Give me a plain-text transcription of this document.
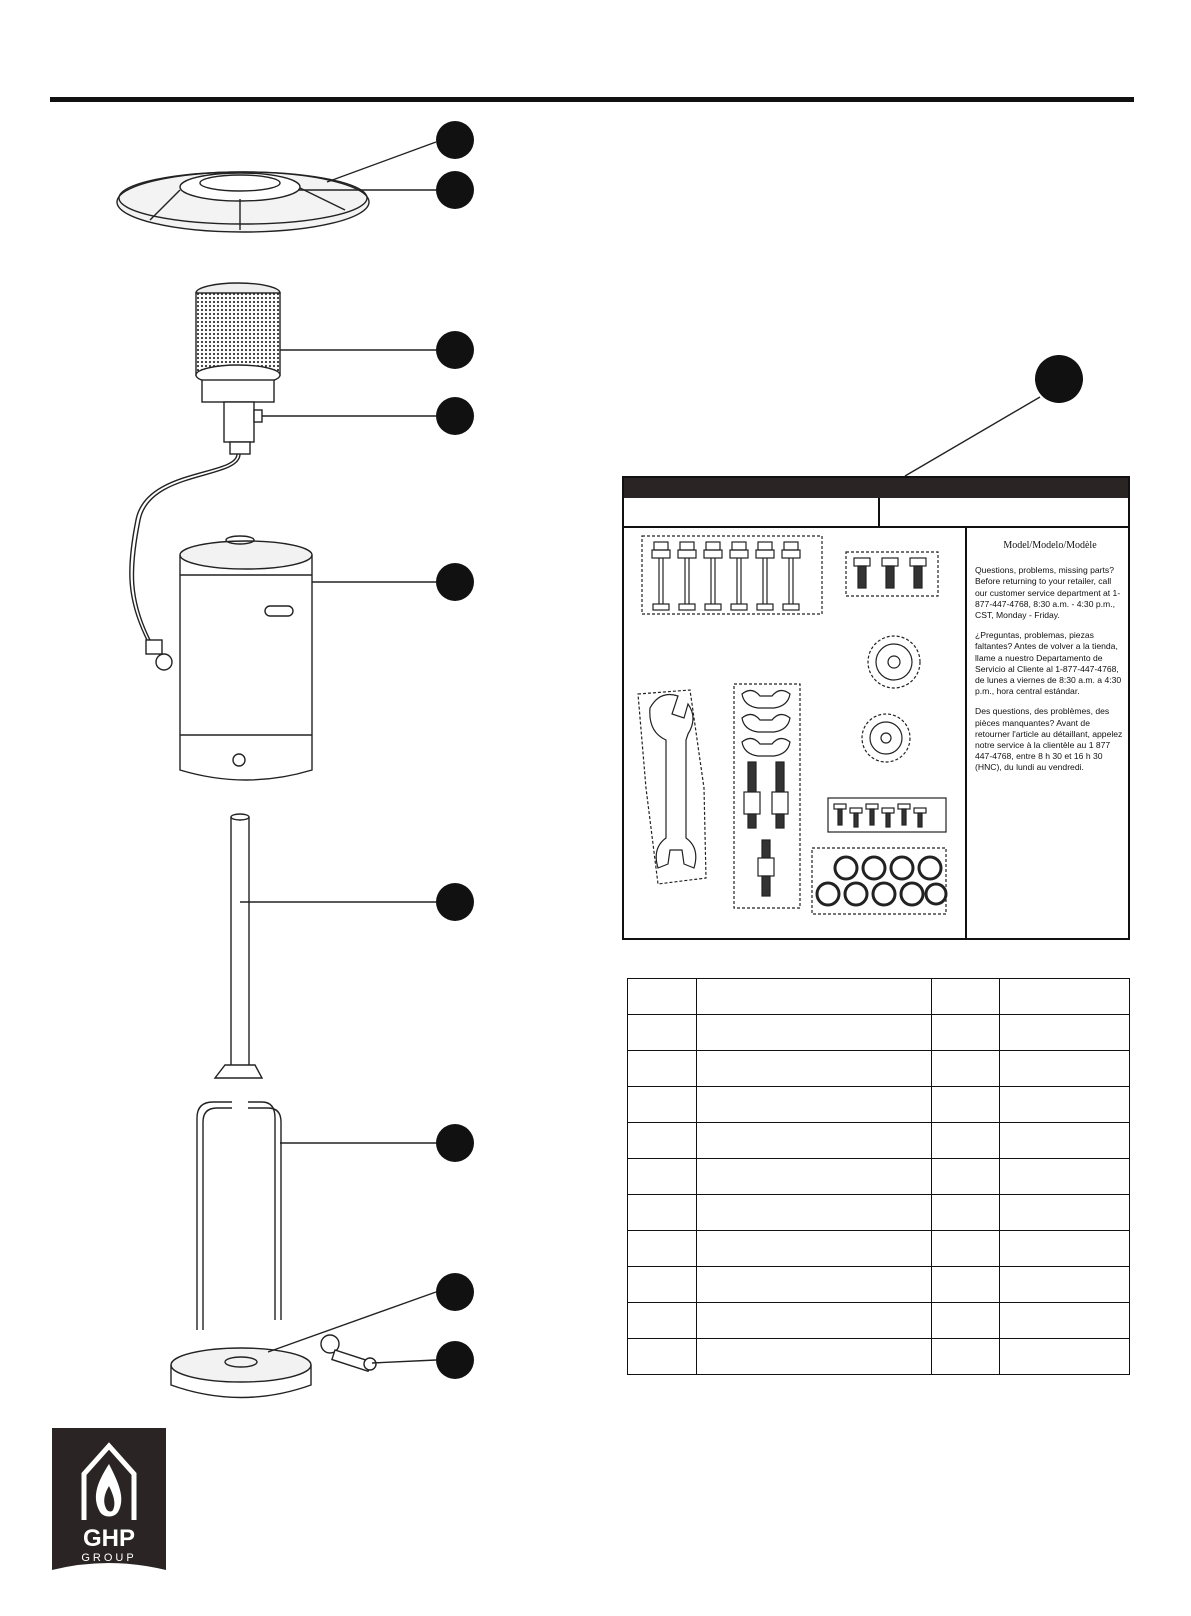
Model/Modelo/Modèle

Questions, problems, missing parts? Before returning to your retailer, call our customer service department at 1-877-447-4768, 8:30 a.m. - 4:30 p.m., CST, Monday - Friday.

¿Preguntas, problemas, piezas faltantes? Antes de volver a la tienda, llame a nuestro Departamento de Servicio al Cliente al 1-877-447-4768, de lunes a viernes de 8:30 a.m. a 4:30 p.m., hora central estándar.

Des questions, des problèmes, des pièces manquantes? Avant de retourner l'article au détaillant, appelez notre service à la clientèle au 1 877 447-4768, entre 8 h 30 et 16 h 30 (HNC), du lundi au vendredi.

GHP
GROUP
